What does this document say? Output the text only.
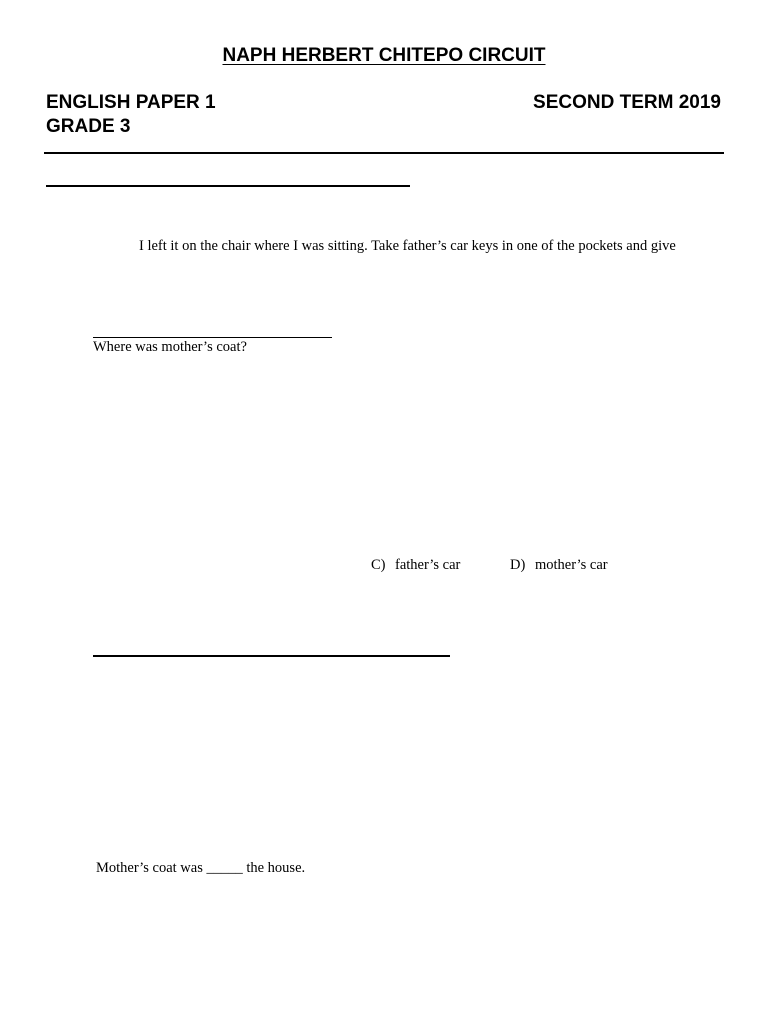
NAPH HERBERT CHITEPO CIRCUIT
ENGLISH PAPER 1	SECOND TERM 2019
GRADE 3
I left it on the chair where I was sitting. Take father’s car keys in one of the pockets and give
Where was mother’s coat?
C) father’s car	D) mother’s car
Mother’s coat was _____ the house.
